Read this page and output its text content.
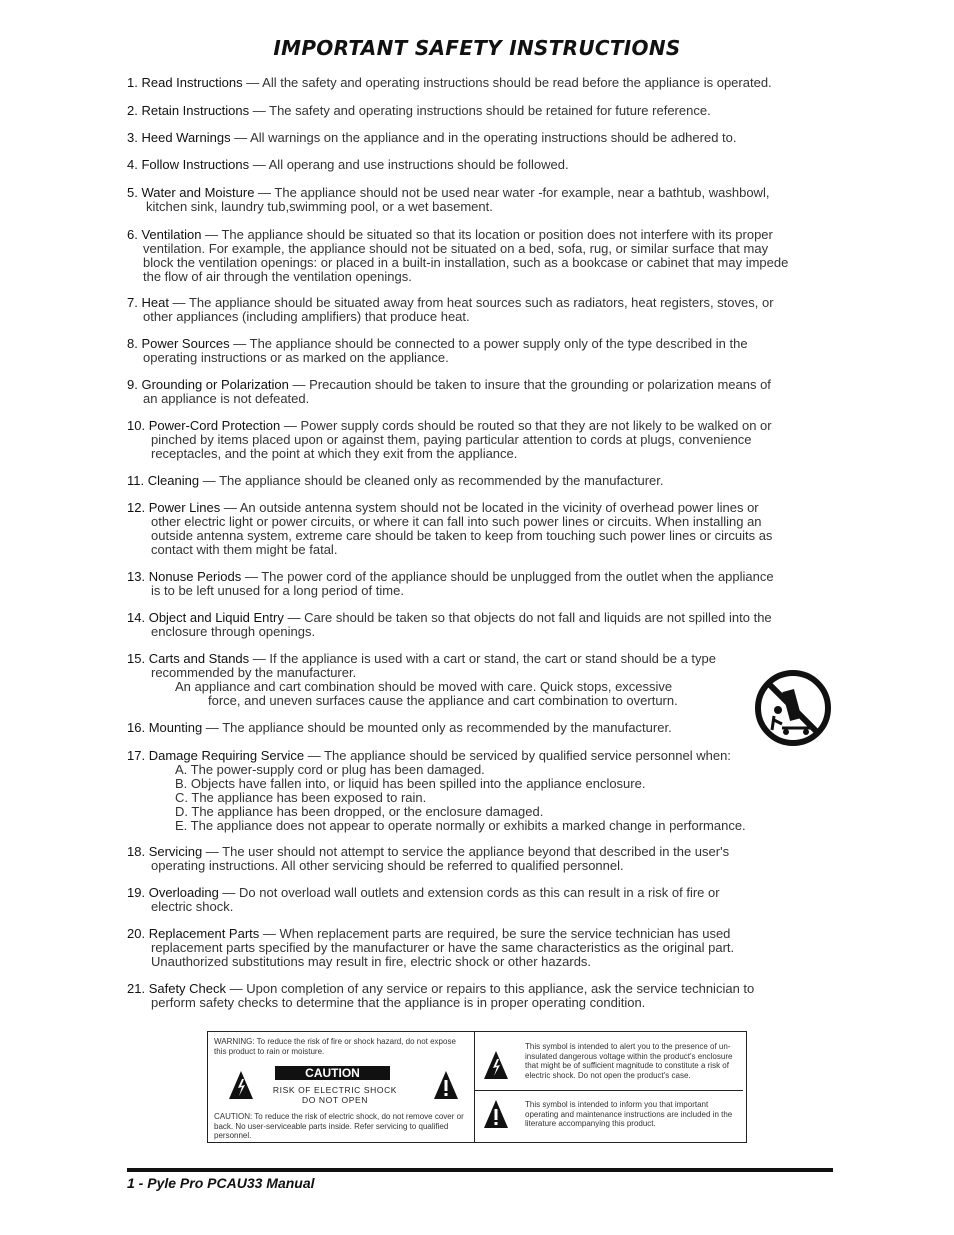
IMPORTANT SAFETY INSTRUCTIONS
1. Read Instructions — All the safety and operating instructions should be read before the appliance is operated.
2. Retain Instructions — The safety and operating instructions should be retained for future reference.
3. Heed Warnings — All warnings on the appliance and in the operating instructions should be adhered to.
4. Follow Instructions — All operang and use instructions should be followed.
5. Water and Moisture — The appliance should not be used near water -for example, near a bathtub, washbowl,
kitchen sink, laundry tub,swimming pool, or a wet basement.
6. Ventilation — The appliance should be situated so that its location or position does not interfere with its proper
ventilation. For example, the appliance should not be situated on a bed, sofa, rug, or similar surface that may
block the ventilation openings: or placed in a built-in installation, such as a bookcase or cabinet that may impede
the flow of air through the ventilation openings.
7. Heat — The appliance should be situated away from heat sources such as radiators, heat registers, stoves, or
other appliances (including amplifiers) that produce heat.
8. Power Sources — The appliance should be connected to a power supply only of the type described in the
operating instructions or as marked on the appliance.
9. Grounding or Polarization — Precaution should be taken to insure that the grounding or polarization means of
an appliance is not defeated.
10. Power-Cord Protection — Power supply cords should be routed so that they are not likely to be walked on or
pinched by items placed upon or against them, paying particular attention to cords at plugs, convenience
receptacles, and the point at which they exit from the appliance.
11. Cleaning — The appliance should be cleaned only as recommended by the manufacturer.
12. Power Lines — An outside antenna system should not be located in the vicinity of overhead power lines or
other electric light or power circuits, or where it can fall into such power lines or circuits. When installing an
outside antenna system, extreme care should be taken to keep from touching such power lines or circuits as
contact with them might be fatal.
13. Nonuse Periods — The power cord of the appliance should be unplugged from the outlet when the appliance
is to be left unused for a long period of time.
14. Object and Liquid Entry — Care should be taken so that objects do not fall and liquids are not spilled into the
enclosure through openings.
15. Carts and Stands — If the appliance is used with a cart or stand, the cart or stand should be a type
recommended by the manufacturer.
An appliance and cart combination should be moved with care. Quick stops, excessive
force, and uneven surfaces cause the appliance and cart combination to overturn.
16. Mounting — The appliance should be mounted only as recommended by the manufacturer.
17. Damage Requiring Service — The appliance should be serviced by qualified service personnel when:
A. The power-supply cord or plug has been damaged.
B. Objects have fallen into, or liquid has been spilled into the appliance enclosure.
C. The appliance has been exposed to rain.
D. The appliance has been dropped, or the enclosure damaged.
E. The appliance does not appear to operate normally or exhibits a marked change in performance.
18. Servicing — The user should not attempt to service the appliance beyond that described in the user's
operating instructions. All other servicing should be referred to qualified personnel.
19. Overloading — Do not overload wall outlets and extension cords as this can result in a risk of fire or
electric shock.
20. Replacement Parts — When replacement parts are required, be sure the service technician has used
replacement parts specified by the manufacturer or have the same characteristics as the original part.
Unauthorized substitutions may result in fire, electric shock or other hazards.
21. Safety Check — Upon completion of any service or repairs to this appliance, ask the service technician to
perform safety checks to determine that the appliance is in proper operating condition.
WARNING: To reduce the risk of fire or shock hazard, do not expose this product to rain or moisture.
CAUTION
RISK OF ELECTRIC SHOCK
DO NOT OPEN
CAUTION: To reduce the risk of electric shock, do not remove cover or back. No user-serviceable parts inside. Refer servicing to qualified personnel.
This symbol is intended to alert you to the presence of un-insulated dangerous voltage within the product's enclosure that might be of sufficient magnitude to constitute a risk of electric shock. Do not open the product's case.
This symbol is intended to inform you that important operating and maintenance instructions are included in the literature accompanying this product.
1 - Pyle Pro PCAU33 Manual
